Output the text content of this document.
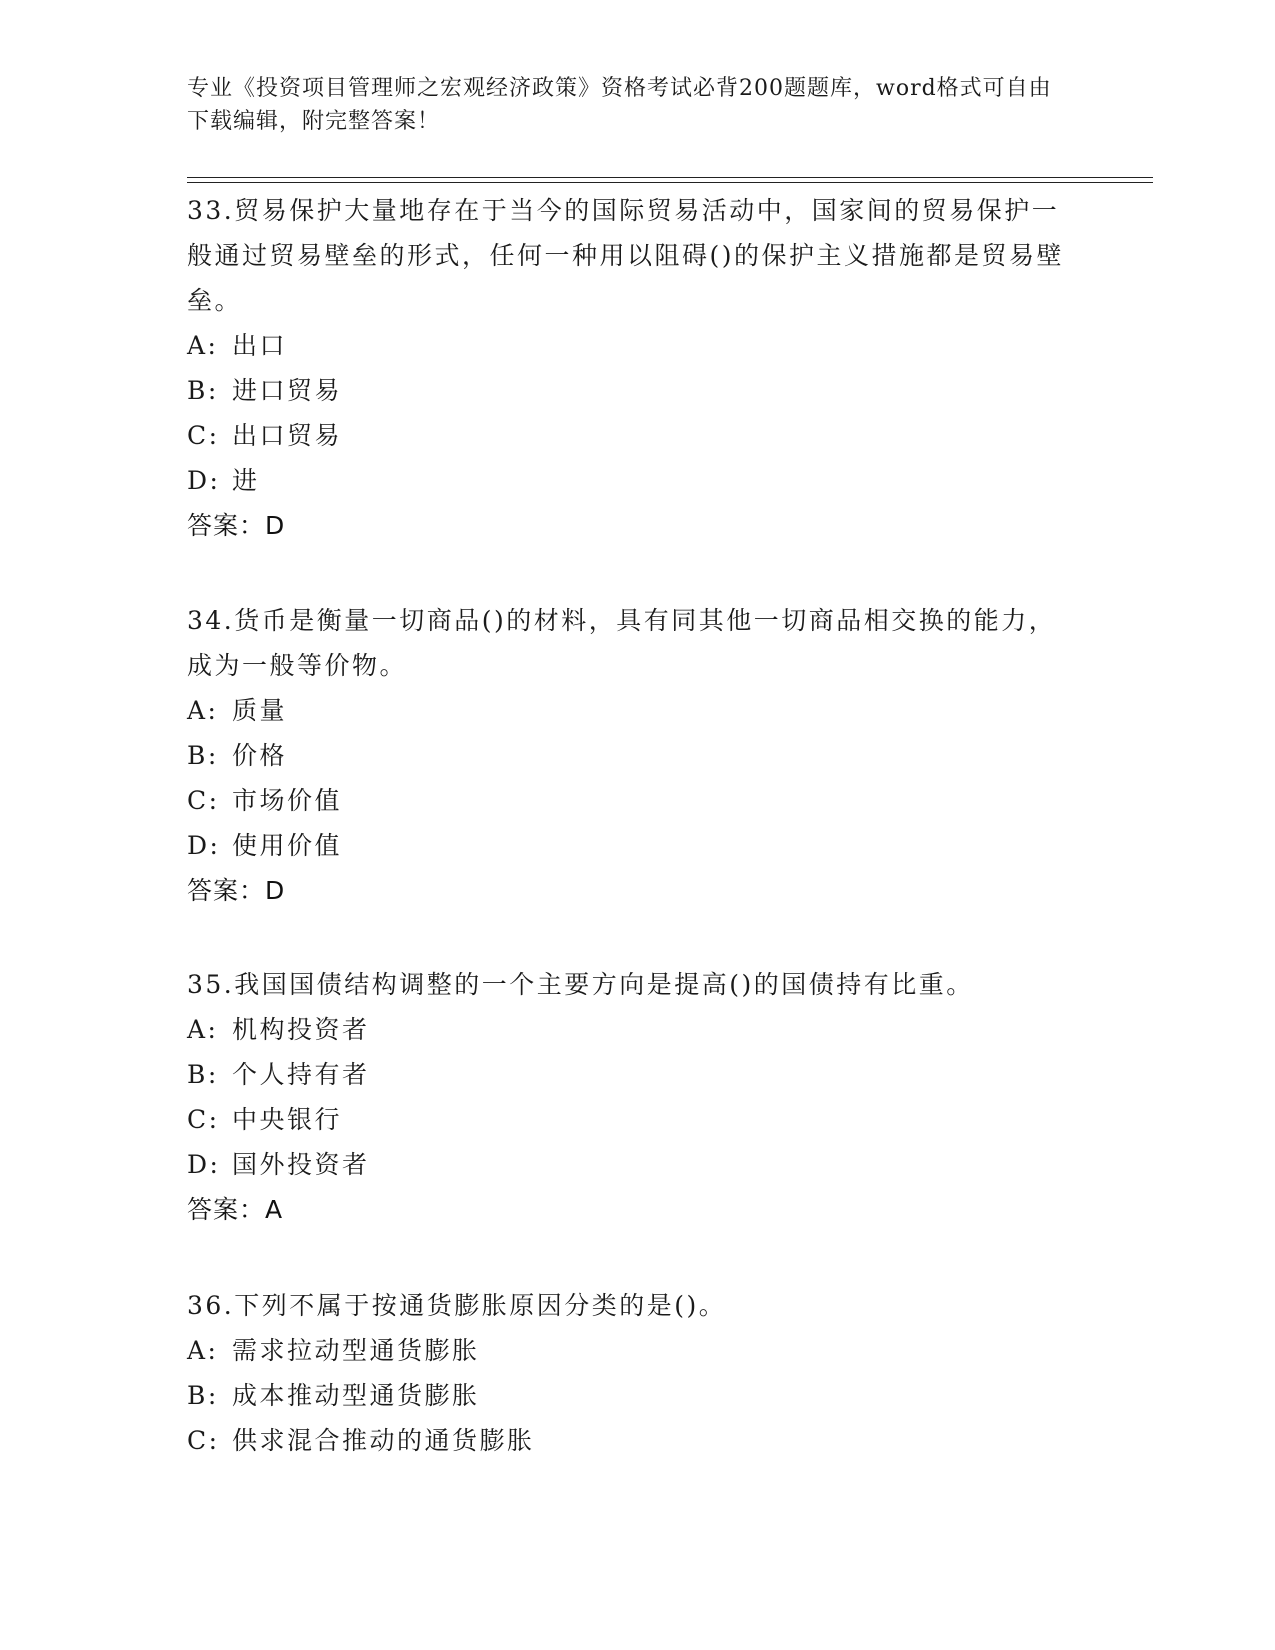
专业《投资项目管理师之宏观经济政策》资格考试必背200题题库，word格式可自由下载编辑，附完整答案！

33.贸易保护大量地存在于当今的国际贸易活动中，国家间的贸易保护一般通过贸易壁垒的形式，任何一种用以阻碍()的保护主义措施都是贸易壁垒。

A: 出口

B: 进口贸易

C: 出口贸易

D: 进

答案：D

34.货币是衡量一切商品()的材料，具有同其他一切商品相交换的能力，成为一般等价物。

A: 质量

B: 价格

C: 市场价值

D: 使用价值

答案：D

35.我国国债结构调整的一个主要方向是提高()的国债持有比重。

A: 机构投资者

B: 个人持有者

C: 中央银行

D: 国外投资者

答案：A

36.下列不属于按通货膨胀原因分类的是()。

A: 需求拉动型通货膨胀

B: 成本推动型通货膨胀

C: 供求混合推动的通货膨胀
